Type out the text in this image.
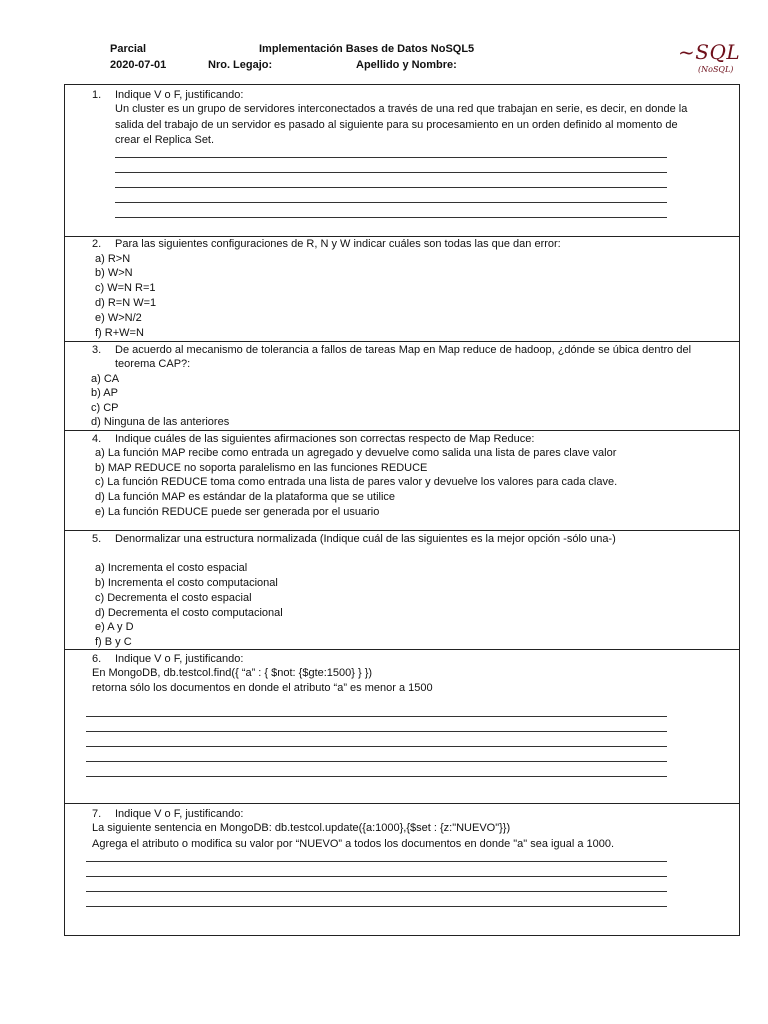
Parcial
2020-07-01
Implementación Bases de Datos NoSQL5
Nro. Legajo:	Apellido y Nombre:
~SQL
(NoSQL)
1. Indique V o F, justificando:
Un cluster es un grupo de servidores interconectados a través de una red que trabajan en serie, es decir, en donde la
salida del trabajo de un servidor es pasado al siguiente para su procesamiento en un orden definido al momento de
crear el Replica Set.
2. Para las siguientes configuraciones de R, N y W indicar cuáles son todas las que dan error:
a) R>N
b) W>N
c) W=N R=1
d) R=N W=1
e) W>N/2
f) R+W=N
3. De acuerdo al mecanismo de tolerancia a fallos de tareas Map en Map reduce de hadoop, ¿dónde se úbica dentro del
teorema CAP?:
a) CA
b) AP
c) CP
d) Ninguna de las anteriores
4. Indique cuáles de las siguientes afirmaciones son correctas respecto de Map Reduce:
a) La función MAP recibe como entrada un agregado y devuelve como salida una lista de pares clave valor
b) MAP REDUCE no soporta paralelismo en las funciones REDUCE
c) La función REDUCE toma como entrada una lista de pares valor y devuelve los valores para cada clave.
d) La función MAP es estándar de la plataforma que se utilice
e) La función REDUCE puede ser generada por el usuario
5. Denormalizar una estructura normalizada (Indique cuál de las siguientes es la mejor opción -sólo una-)
a) Incrementa el costo espacial
b) Incrementa el costo computacional
c) Decrementa el costo espacial
d) Decrementa el costo computacional
e) A y D
f) B y C
6. Indique V o F, justificando:
En MongoDB, db.testcol.find({ “a” : { $not: {$gte:1500} } })
retorna sólo los documentos en donde el atributo “a” es menor a 1500
7. Indique V o F, justificando:
La siguiente sentencia en MongoDB: db.testcol.update({a:1000},{$set : {z:"NUEVO"}})
Agrega el atributo o modifica su valor por “NUEVO” a todos los documentos en donde "a" sea igual a 1000.
